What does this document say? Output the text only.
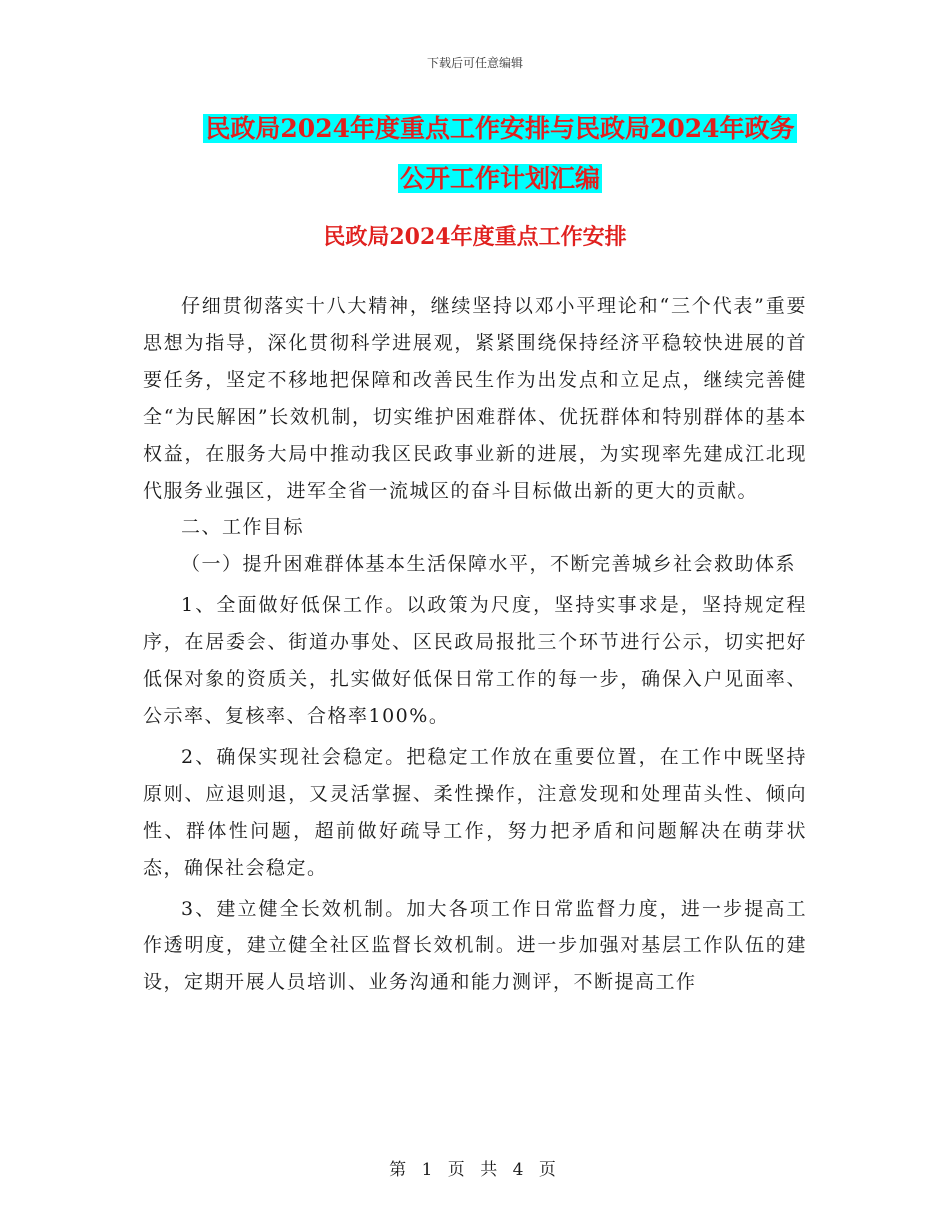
下载后可任意编辑
民政局2024年度重点工作安排与民政局2024年政务
公开工作计划汇编
民政局2024年度重点工作安排

仔细贯彻落实十八大精神，继续坚持以邓小平理论和“三个代表”重要思想为指导，深化贯彻科学进展观，紧紧围绕保持经济平稳较快进展的首要任务，坚定不移地把保障和改善民生作为出发点和立足点，继续完善健全“为民解困”长效机制，切实维护困难群体、优抚群体和特别群体的基本权益，在服务大局中推动我区民政事业新的进展，为实现率先建成江北现代服务业强区，进军全省一流城区的奋斗目标做出新的更大的贡献。

二、工作目标

（一）提升困难群体基本生活保障水平，不断完善城乡社会救助体系

1、全面做好低保工作。以政策为尺度，坚持实事求是，坚持规定程序，在居委会、街道办事处、区民政局报批三个环节进行公示，切实把好低保对象的资质关，扎实做好低保日常工作的每一步，确保入户见面率、公示率、复核率、合格率100%。

2、确保实现社会稳定。把稳定工作放在重要位置，在工作中既坚持原则、应退则退，又灵活掌握、柔性操作，注意发现和处理苗头性、倾向性、群体性问题，超前做好疏导工作，努力把矛盾和问题解决在萌芽状态，确保社会稳定。

3、建立健全长效机制。加大各项工作日常监督力度，进一步提高工作透明度，建立健全社区监督长效机制。进一步加强对基层工作队伍的建设，定期开展人员培训、业务沟通和能力测评，不断提高工作

第 1 页 共 4 页
